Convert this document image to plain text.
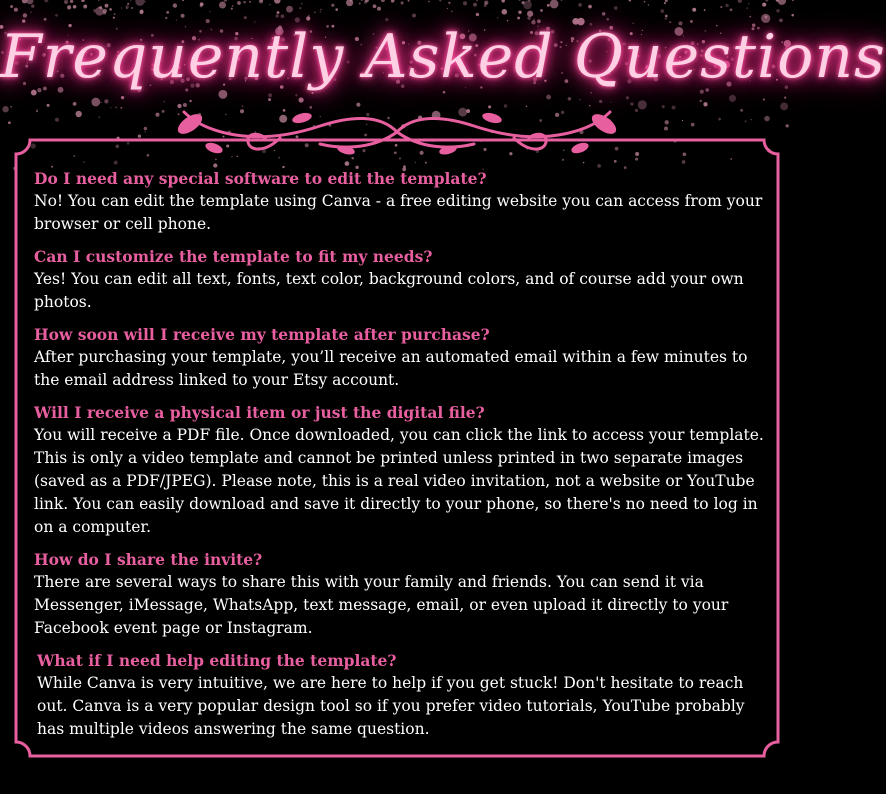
Frequently Asked Questions
Do I need any special software to edit the template?
No! You can edit the template using Canva - a free editing website you can access from your browser or cell phone.
Can I customize the template to fit my needs?
Yes! You can edit all text, fonts, text color, background colors, and of course add your own photos.
How soon will I receive my template after purchase?
After purchasing your template, you’ll receive an automated email within a few minutes to the email address linked to your Etsy account.
Will I receive a physical item or just the digital file?
You will receive a PDF file. Once downloaded, you can click the link to access your template. This is only a video template and cannot be printed unless printed in two separate images (saved as a PDF/JPEG). Please note, this is a real video invitation, not a website or YouTube link. You can easily download and save it directly to your phone, so there's no need to log in on a computer.
How do I share the invite?
There are several ways to share this with your family and friends. You can send it via Messenger, iMessage, WhatsApp, text message, email, or even upload it directly to your Facebook event page or Instagram.
What if I need help editing the template?
While Canva is very intuitive, we are here to help if you get stuck! Don't hesitate to reach out. Canva is a very popular design tool so if you prefer video tutorials, YouTube probably has multiple videos answering the same question.
